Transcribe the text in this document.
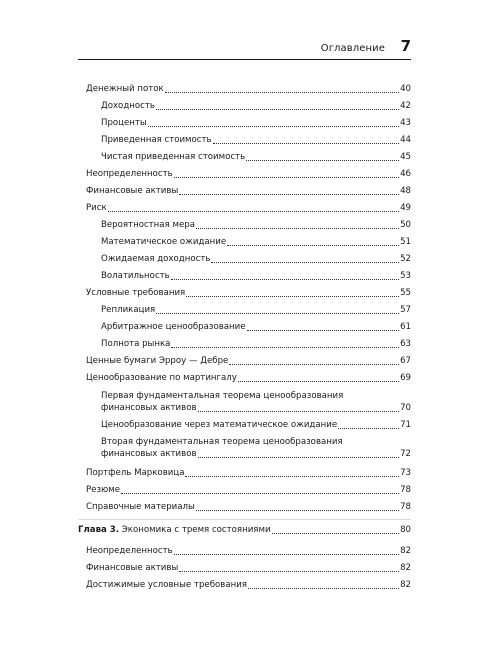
Оглавление 7
Денежный поток	40
Доходность	42
Проценты	43
Приведенная стоимость	44
Чистая приведенная стоимость	45
Неопределенность	46
Финансовые активы	48
Риск	49
Вероятностная мера	50
Математическое ожидание	51
Ожидаемая доходность	52
Волатильность	53
Условные требования	55
Репликация	57
Арбитражное ценообразование	61
Полнота рынка	63
Ценные бумаги Эрроу — Дебре	67
Ценообразование по мартингалу	69
Первая фундаментальная теорема ценообразования
финансовых активов	70
Ценообразование через математическое ожидание	71
Вторая фундаментальная теорема ценообразования
финансовых активов	72
Портфель Марковица	73
Резюме	78
Справочные материалы	78
Глава 3. Экономика с тремя состояниями	80
Неопределенность	82
Финансовые активы	82
Достижимые условные требования	82
